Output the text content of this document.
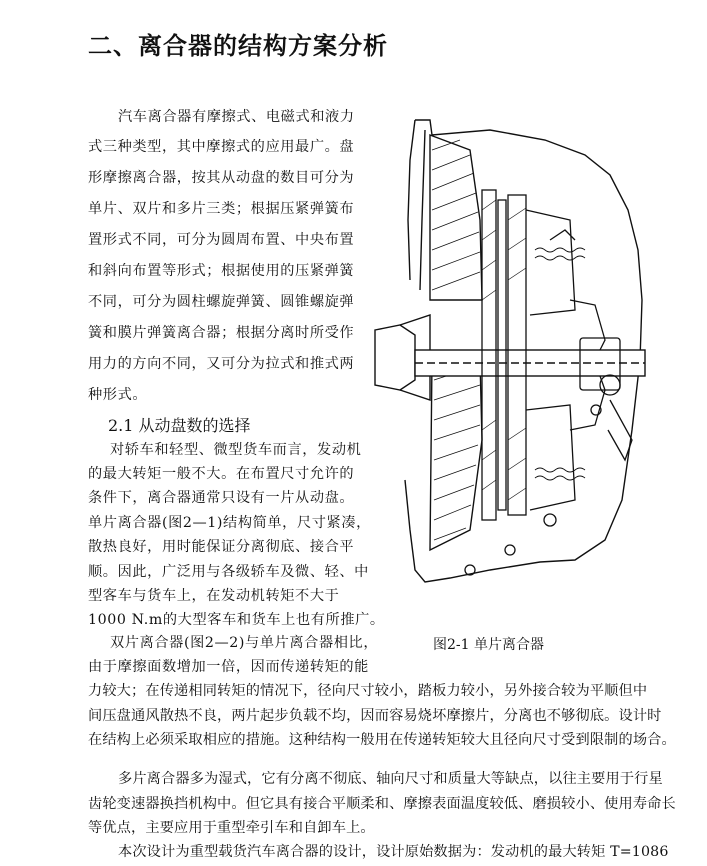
二、离合器的结构方案分析
汽车离合器有摩擦式、电磁式和液力
式三种类型，其中摩擦式的应用最广。盘
形摩擦离合器，按其从动盘的数目可分为
单片、双片和多片三类；根据压紧弹簧布
置形式不同，可分为圆周布置、中央布置
和斜向布置等形式；根据使用的压紧弹簧
不同，可分为圆柱螺旋弹簧、圆锥螺旋弹
簧和膜片弹簧离合器；根据分离时所受作
用力的方向不同，又可分为拉式和推式两
种形式。
2.1 从动盘数的选择
对轿车和轻型、微型货车而言，发动机
的最大转矩一般不大。在布置尺寸允许的
条件下，离合器通常只设有一片从动盘。
单片离合器(图2—1)结构简单，尺寸紧凑，
散热良好，用时能保证分离彻底、接合平
顺。因此，广泛用与各级轿车及微、轻、中
型客车与货车上，在发动机转矩不大于
1000 N.m的大型客车和货车上也有所推广。
双片离合器(图2—2)与单片离合器相比，
由于摩擦面数增加一倍，因而传递转矩的能
力较大；在传递相同转矩的情况下，径向尺寸较小，踏板力较小，另外接合较为平顺但中
间压盘通风散热不良，两片起步负载不均，因而容易烧坏摩擦片，分离也不够彻底。设计时
在结构上必须采取相应的措施。这种结构一般用在传递转矩较大且径向尺寸受到限制的场合。
多片离合器多为湿式，它有分离不彻底、轴向尺寸和质量大等缺点，以往主要用于行星
齿轮变速器换挡机构中。但它具有接合平顺柔和、摩擦表面温度较低、磨损较小、使用寿命长
等优点，主要应用于重型牵引车和自卸车上。
本次设计为重型载货汽车离合器的设计，设计原始数据为：发动机的最大转矩 T=1086
图2-1 单片离合器
